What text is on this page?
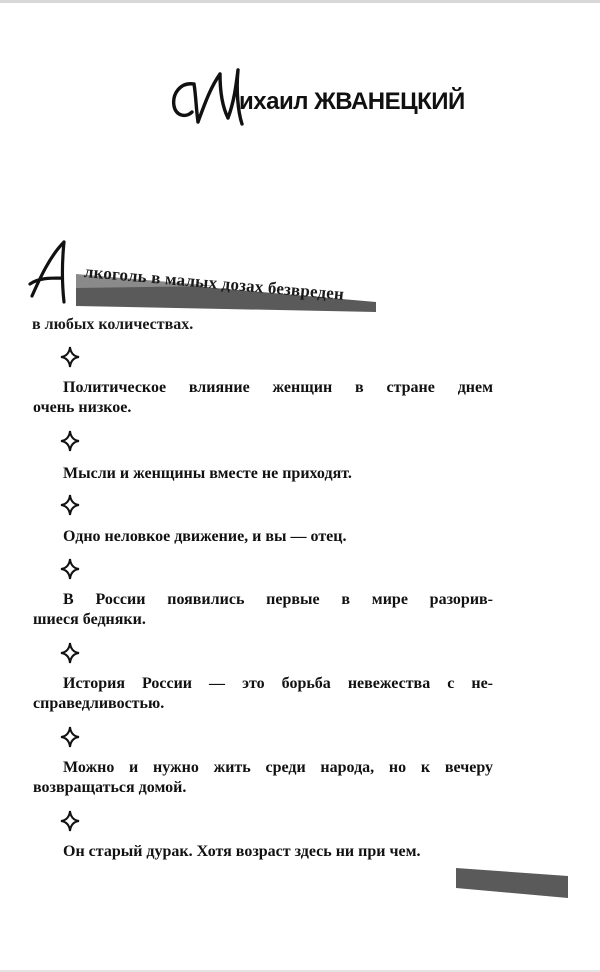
ихаил ЖВАНЕЦКИЙ
лкоголь в малых дозах безвреден
в любых количествах.
Политическое влияние женщин в стране днем
очень низкое.
Мысли и женщины вместе не приходят.
Одно неловкое движение, и вы — отец.
В России появились первые в мире разорив-
шиеся бедняки.
История России — это борьба невежества с не-
справедливостью.
Можно и нужно жить среди народа, но к вечеру
возвращаться домой.
Он старый дурак. Хотя возраст здесь ни при чем.
